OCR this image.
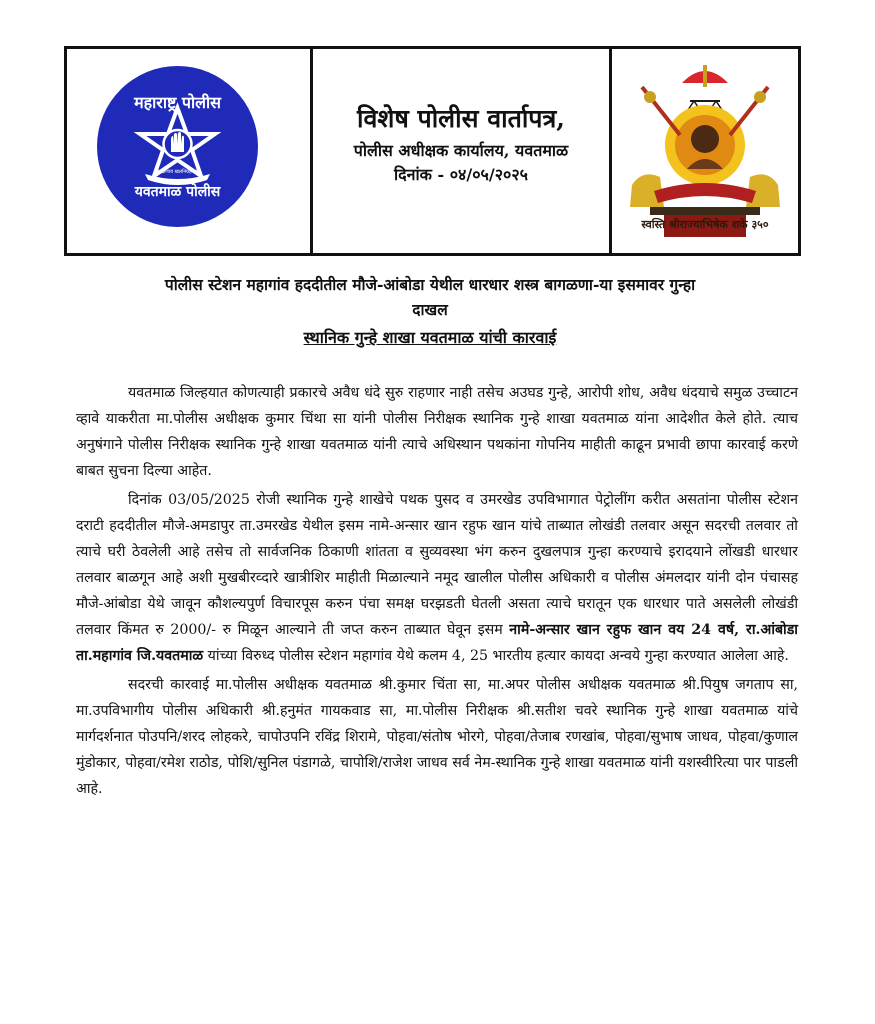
महाराष्ट्र पोलीस
यवतमाळ पोलीस
सद्रक्षणाय खलनिग्रहणाय
विशेष पोलीस वार्तापत्र,
पोलीस अधीक्षक कार्यालय, यवतमाळ
दिनांक - ०४/०५/२०२५
स्वस्ति श्रीराज्याभिषेक शके ३५०
पोलीस स्टेशन महागांव हददीतील मौजे-आंबोडा येथील धारधार शस्त्र बागळणा-या इसमावर गुन्हा
दाखल
स्थानिक गुन्हे शाखा यवतमाळ यांची कारवाई

यवतमाळ जिल्हयात कोणत्याही प्रकारचे अवैध धंदे सुरु राहणार नाही तसेच अउघड गुन्हे, आरोपी शोध, अवैध धंदयाचे समुळ उच्चाटन व्हावे याकरीता मा.पोलीस अधीक्षक कुमार चिंथा सा यांनी पोलीस निरीक्षक स्थानिक गुन्हे शाखा यवतमाळ यांना आदेशीत केले होते. त्याच अनुषंगाने पोलीस निरीक्षक स्थानिक गुन्हे शाखा यवतमाळ यांनी त्याचे अधिस्थान पथकांना गोपनिय माहीती काढून प्रभावी छापा कारवाई करणे बाबत सुचना दिल्या आहेत.

दिनांक 03/05/2025 रोजी स्थानिक गुन्हे शाखेचे पथक पुसद व उमरखेड उपविभागात पेट्रोलींग करीत असतांना पोलीस स्टेशन दराटी हददीतील मौजे-अमडापुर ता.उमरखेड येथील इसम नामे-अन्सार खान रहुफ खान यांचे ताब्यात लोखंडी तलवार असून सदरची तलवार तो त्याचे घरी ठेवलेली आहे तसेच तो सार्वजनिक ठिकाणी शांतता व सुव्यवस्था भंग करुन दुखलपात्र गुन्हा करण्याचे इरादयाने लोंखडी धारधार तलवार बाळगून आहे अशी मुखबीरव्दारे खात्रीशिर माहीती मिळाल्याने नमूद खालील पोलीस अधिकारी व पोलीस अंमलदार यांनी दोन पंचासह मौजे-आंबोडा येथे जावून कौशल्यपुर्ण विचारपूस करुन पंचा समक्ष घरझडती घेतली असता त्याचे घरातून एक धारधार पाते असलेली लोखंडी तलवार किंमत रु 2000/- रु मिळून आल्याने ती जप्त करुन ताब्यात घेवून इसम नामे-अन्सार खान रहुफ खान वय 24 वर्ष, रा.आंबोडा ता.महागांव जि.यवतमाळ यांच्या विरुध्द पोलीस स्टेशन महागांव येथे कलम 4, 25 भारतीय हत्यार कायदा अन्वये गुन्हा करण्यात आलेला आहे.

सदरची कारवाई मा.पोलीस अधीक्षक यवतमाळ श्री.कुमार चिंता सा, मा.अपर पोलीस अधीक्षक यवतमाळ श्री.पियुष जगताप सा, मा.उपविभागीय पोलीस अधिकारी श्री.हनुमंत गायकवाड सा, मा.पोलीस निरीक्षक श्री.सतीश चवरे स्थानिक गुन्हे शाखा यवतमाळ यांचे मार्गदर्शनात पोउपनि/शरद लोहकरे, चापोउपनि रविंद्र शिरामे, पोहवा/संतोष भोरगे, पोहवा/तेजाब रणखांब, पोहवा/सुभाष जाधव, पोहवा/कुणाल मुंडोकार, पोहवा/रमेश राठोड, पोशि/सुनिल पंडागळे, चापोशि/राजेश जाधव सर्व नेम-स्थानिक गुन्हे शाखा यवतमाळ यांनी यशस्वीरित्या पार पाडली आहे.
